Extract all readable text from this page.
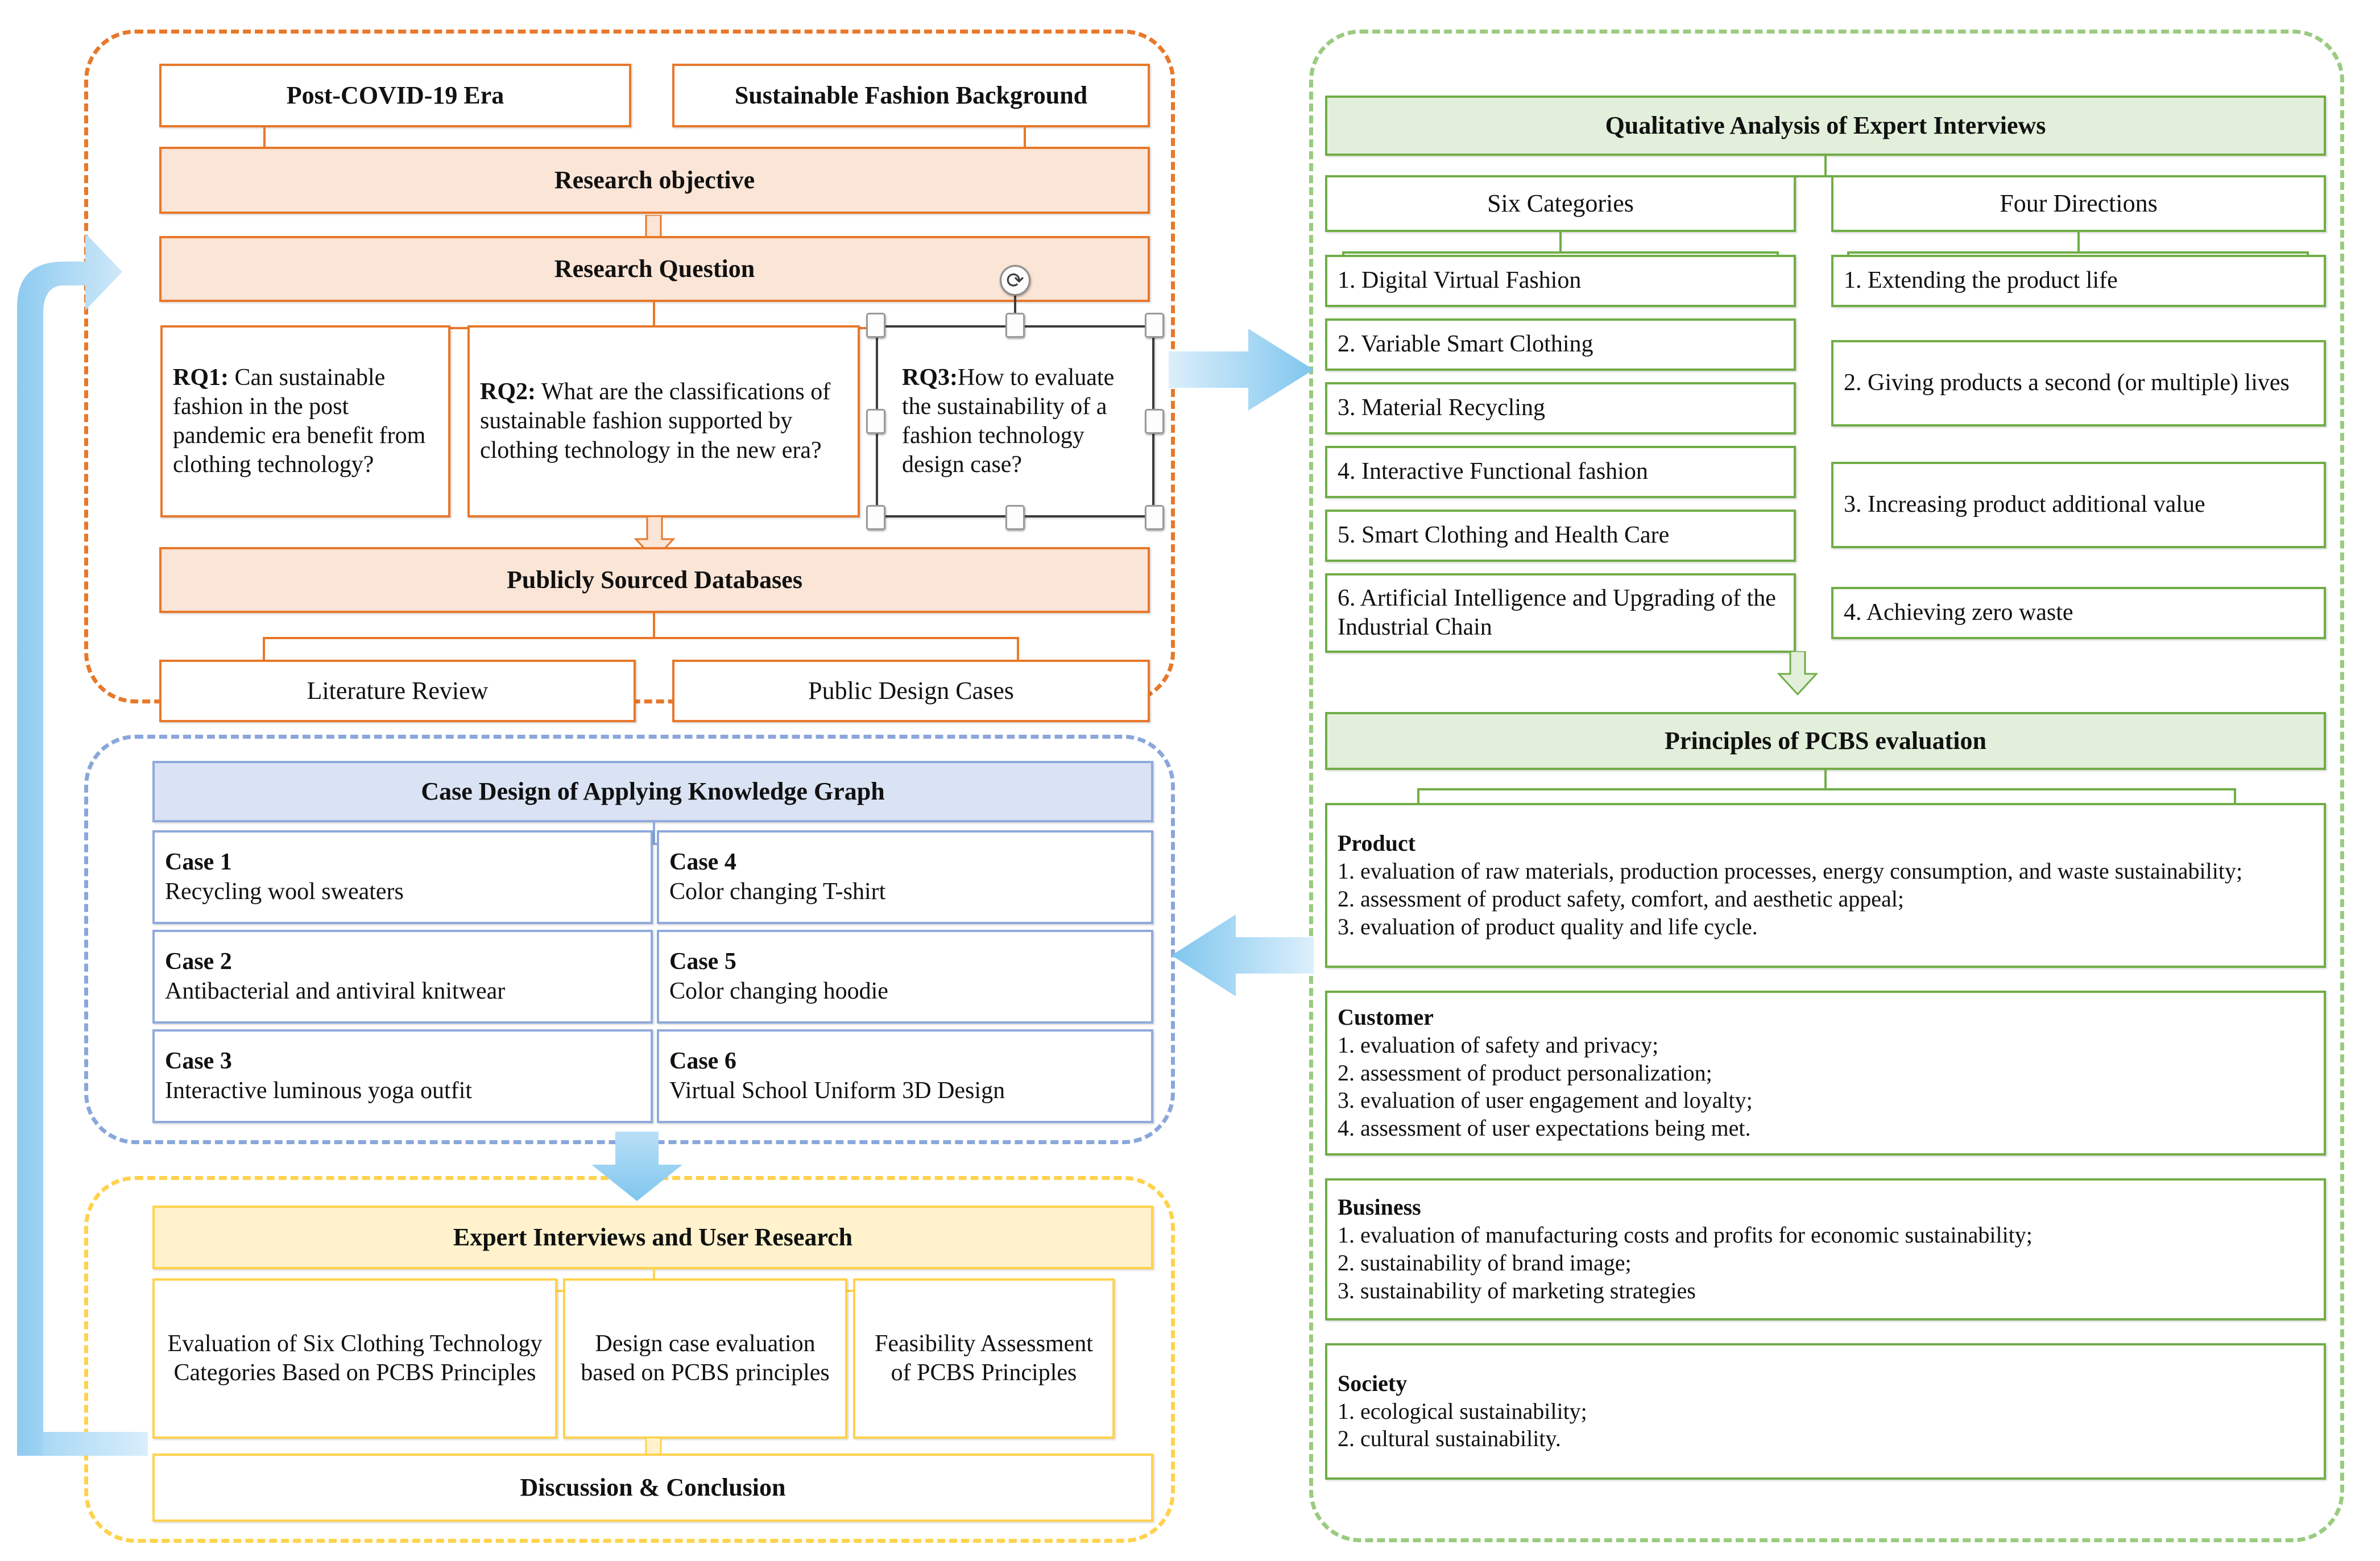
Post-COVID-19 Era	Sustainable Fashion Background
Research objective
Research Question
RQ1: Can sustainable fashion in the post pandemic era benefit from clothing technology?
RQ2: What are the classifications of sustainable fashion supported by clothing technology in the new era?
RQ3:How to evaluate the sustainability of a fashion technology design case?
⟳
Publicly Sourced Databases
Literature Review	Public Design Cases
Case Design of Applying Knowledge Graph
Case 1
Recycling wool sweaters
Case 2
Antibacterial and antiviral knitwear
Case 3
Interactive luminous yoga outfit
Case 4
Color changing T-shirt
Case 5
Color changing hoodie
Case 6
Virtual School Uniform 3D Design
Expert Interviews and User Research
Evaluation of Six Clothing Technology Categories Based on PCBS Principles
Design case evaluation based on PCBS principles
Feasibility Assessment of PCBS Principles
Discussion & Conclusion
Qualitative Analysis of Expert Interviews
Six Categories	Four Directions
1. Digital Virtual Fashion
2. Variable Smart Clothing
3. Material Recycling
4. Interactive Functional fashion
5. Smart Clothing and Health Care
6. Artificial Intelligence and Upgrading of the Industrial Chain
1. Extending the product life
2. Giving products a second (or multiple) lives
3. Increasing product additional value
4. Achieving zero waste
Principles of PCBS evaluation
Product
1. evaluation of raw materials, production processes, energy consumption, and waste sustainability;
2. assessment of product safety, comfort, and aesthetic appeal;
3. evaluation of product quality and life cycle.
Customer
1. evaluation of safety and privacy;
2. assessment of product personalization;
3. evaluation of user engagement and loyalty;
4. assessment of user expectations being met.
Business
1. evaluation of manufacturing costs and profits for economic sustainability;
2. sustainability of brand image;
3. sustainability of marketing strategies
Society
1. ecological sustainability;
2. cultural sustainability.
